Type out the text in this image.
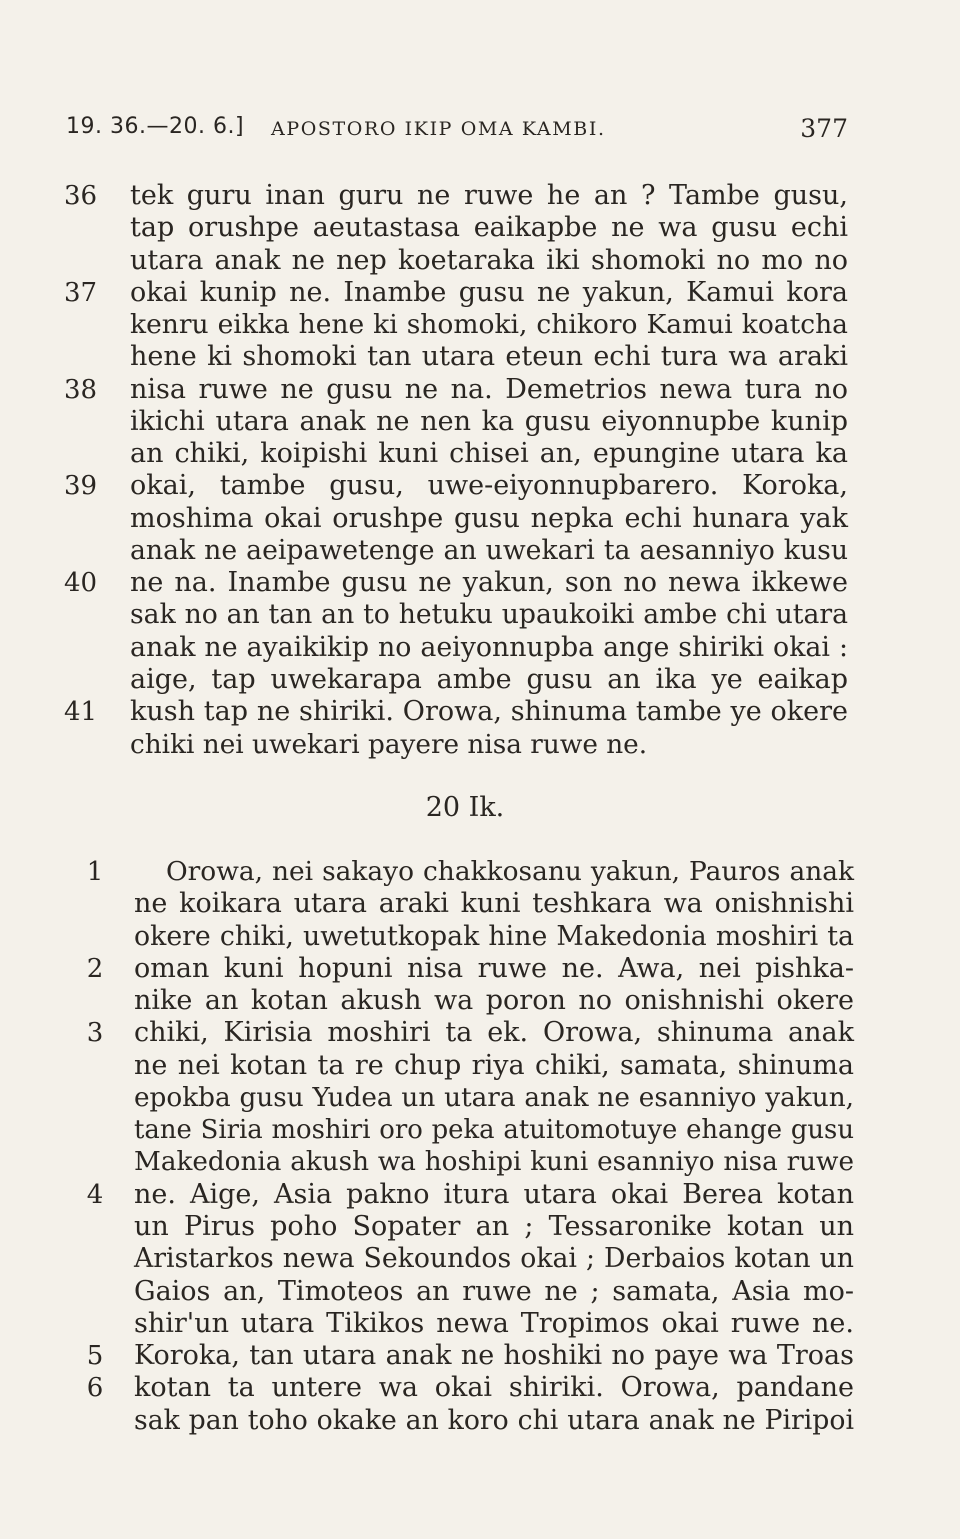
19. 36.—20. 6.] APOSTORO IKIP OMA KAMBI.	377
36 tek guru inan guru ne ruwe he an ? Tambe gusu,
tap orushpe aeutastasa eaikapbe ne wa gusu echi
utara anak ne nep koetaraka iki shomoki no mo no
37 okai kunip ne. Inambe gusu ne yakun, Kamui kora
kenru eikka hene ki shomoki, chikoro Kamui koatcha
hene ki shomoki tan utara eteun echi tura wa araki
38 nisa ruwe ne gusu ne na. Demetrios newa tura no
ikichi utara anak ne nen ka gusu eiyonnupbe kunip
an chiki, koipishi kuni chisei an, epungine utara ka
39 okai, tambe gusu, uwe-eiyonnupbarero. Koroka,
moshima okai orushpe gusu nepka echi hunara yak
anak ne aeipawetenge an uwekari ta aesanniyo kusu
40 ne na. Inambe gusu ne yakun, son no newa ikkewe
sak no an tan an to hetuku upaukoiki ambe chi utara
anak ne ayaikikip no aeiyonnupba ange shiriki okai :
aige, tap uwekarapa ambe gusu an ika ye eaikap
41 kush tap ne shiriki. Orowa, shinuma tambe ye okere
chiki nei uwekari payere nisa ruwe ne.
20 Ik.
1 Orowa, nei sakayo chakkosanu yakun, Pauros anak
ne koikara utara araki kuni teshkara wa onishnishi
okere chiki, uwetutkopak hine Makedonia moshiri ta
2 oman kuni hopuni nisa ruwe ne. Awa, nei pishka-
nike an kotan akush wa poron no onishnishi okere
3 chiki, Kirisia moshiri ta ek. Orowa, shinuma anak
ne nei kotan ta re chup riya chiki, samata, shinuma
epokba gusu Yudea un utara anak ne esanniyo yakun,
tane Siria moshiri oro peka atuitomotuye ehange gusu
Makedonia akush wa hoshipi kuni esanniyo nisa ruwe
4 ne. Aige, Asia pakno itura utara okai Berea kotan
un Pirus poho Sopater an ; Tessaronike kotan un
Aristarkos newa Sekoundos okai ; Derbaios kotan un
Gaios an, Timoteos an ruwe ne ; samata, Asia mo-
shir'un utara Tikikos newa Tropimos okai ruwe ne.
5 Koroka, tan utara anak ne hoshiki no paye wa Troas
6 kotan ta untere wa okai shiriki. Orowa, pandane
sak pan toho okake an koro chi utara anak ne Piripoi
